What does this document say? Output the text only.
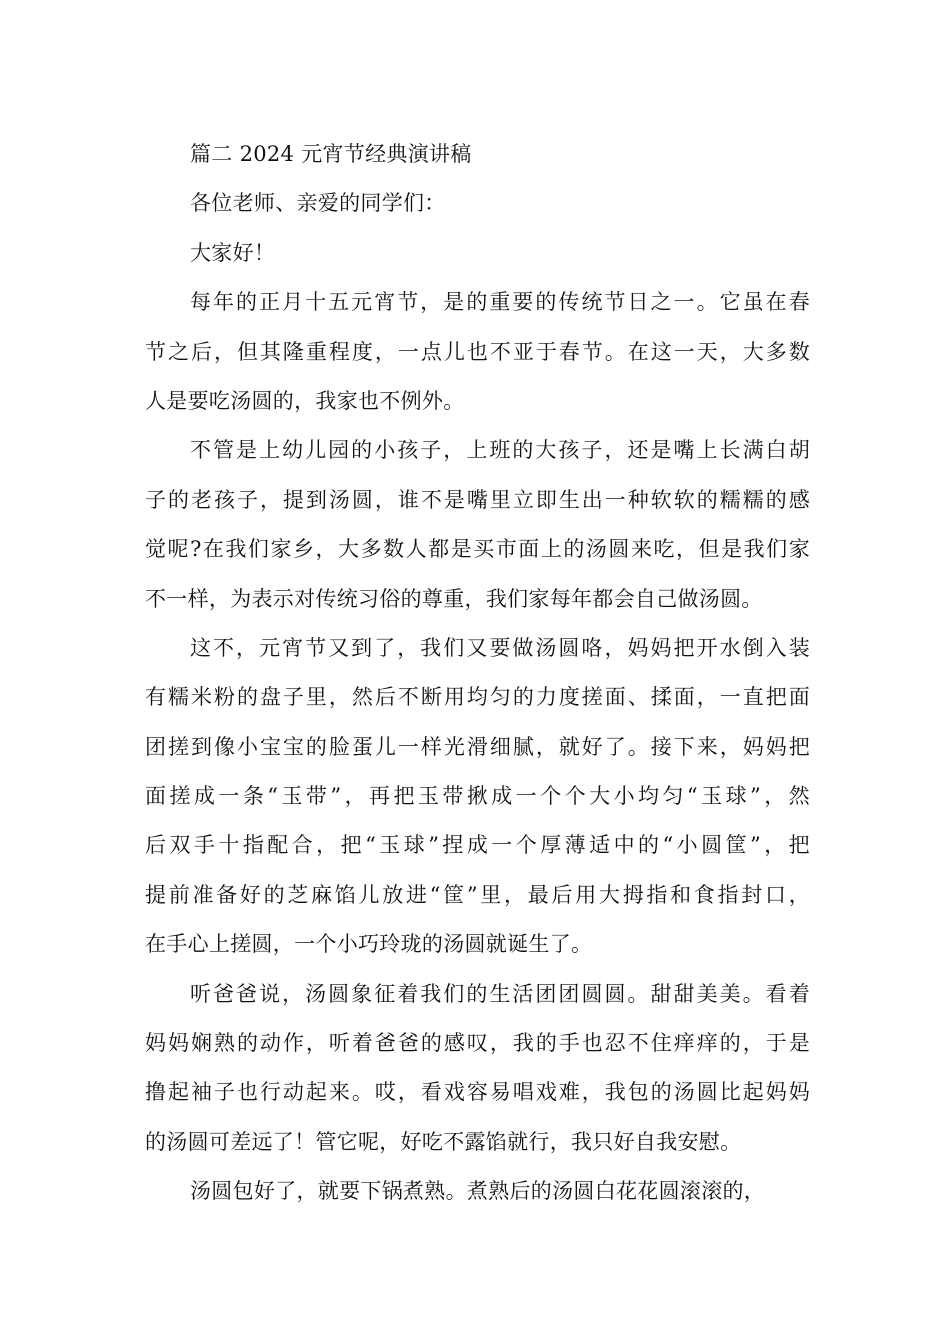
篇二 2024 元宵节经典演讲稿
各位老师、亲爱的同学们：
大家好！
每年的正月十五元宵节，是的重要的传统节日之一。它虽在春
节之后，但其隆重程度，一点儿也不亚于春节。在这一天，大多数
人是要吃汤圆的，我家也不例外。
不管是上幼儿园的小孩子，上班的大孩子，还是嘴上长满白胡
子的老孩子，提到汤圆，谁不是嘴里立即生出一种软软的糯糯的感
觉呢?在我们家乡，大多数人都是买市面上的汤圆来吃，但是我们家
不一样，为表示对传统习俗的尊重，我们家每年都会自己做汤圆。
这不，元宵节又到了，我们又要做汤圆咯，妈妈把开水倒入装
有糯米粉的盘子里，然后不断用均匀的力度搓面、揉面，一直把面
团搓到像小宝宝的脸蛋儿一样光滑细腻，就好了。接下来，妈妈把
面搓成一条“玉带”，再把玉带揪成一个个大小均匀“玉球”，然
后双手十指配合，把“玉球”捏成一个厚薄适中的“小圆筐”，把
提前准备好的芝麻馅儿放进“筐”里，最后用大拇指和食指封口，
在手心上搓圆，一个小巧玲珑的汤圆就诞生了。
听爸爸说，汤圆象征着我们的生活团团圆圆。甜甜美美。看着
妈妈娴熟的动作，听着爸爸的感叹，我的手也忍不住痒痒的，于是
撸起袖子也行动起来。哎，看戏容易唱戏难，我包的汤圆比起妈妈
的汤圆可差远了！管它呢，好吃不露馅就行，我只好自我安慰。
汤圆包好了，就要下锅煮熟。煮熟后的汤圆白花花圆滚滚的，
